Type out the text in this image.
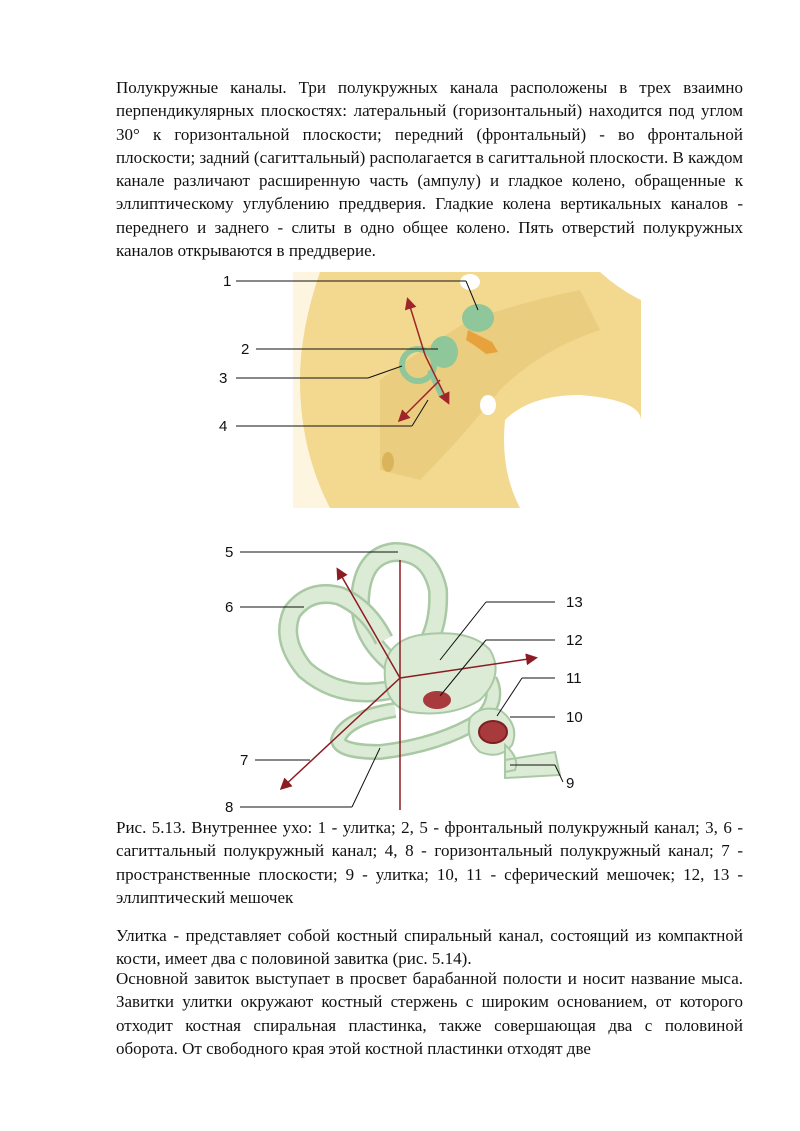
Полукружные каналы. Три полукружных канала расположены в трех взаимно перпендикулярных плоскостях: латеральный (горизонтальный) находится под углом 30° к горизонтальной плоскости; передний (фронтальный) - во фронтальной плоскости; задний (сагиттальный) располагается в сагиттальной плоскости. В каждом канале различают расширенную часть (ампулу) и гладкое колено, обращенные к эллиптическому углублению преддверия. Гладкие колена вертикальных каналов - переднего и заднего - слиты в одно общее колено. Пять отверстий полукружных каналов открываются в преддверие.

1
2
3
4
5
6
7
8
9
10
11
12
13

Рис. 5.13. Внутреннее ухо: 1 - улитка; 2, 5 - фронтальный полукружный канал; 3, 6 - сагиттальный полукружный канал; 4, 8 - горизонтальный полукружный канал; 7 - пространственные плоскости; 9 - улитка; 10, 11 - сферический мешочек; 12, 13 - эллиптический мешочек

Улитка - представляет собой костный спиральный канал, состоящий из компактной кости, имеет два с половиной завитка (рис. 5.14).

Основной завиток выступает в просвет барабанной полости и носит название мыса. Завитки улитки окружают костный стержень с широким основанием, от которого отходит костная спиральная пластинка, также совершающая два с половиной оборота. От свободного края этой костной пластинки отходят две
